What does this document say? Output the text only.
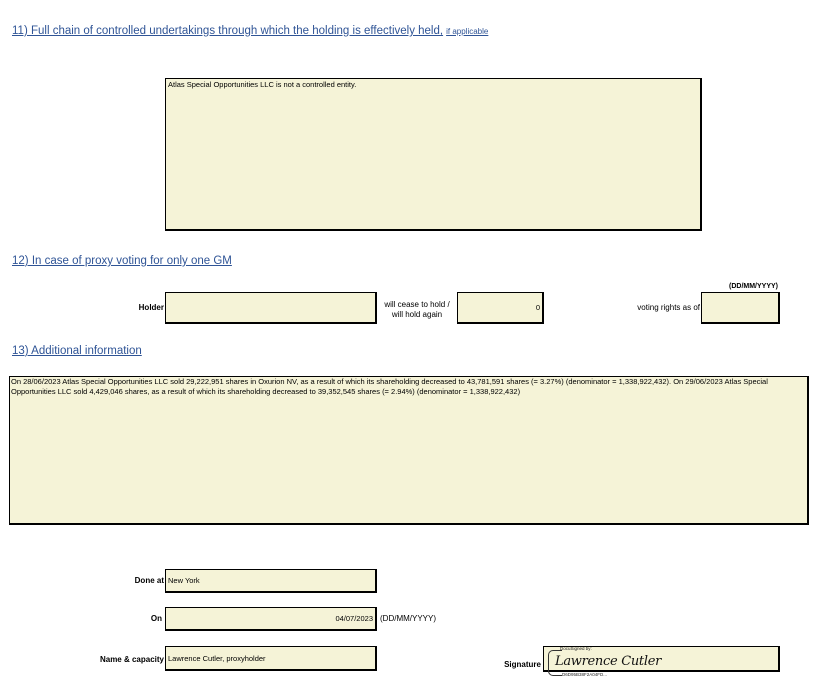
11) Full chain of controlled undertakings through which the holding is effectively held, if applicable
Atlas Special Opportunities LLC is not a controlled entity.
12) In case of proxy voting for only one GM
Holder	will cease to hold /
will hold again
0
(DD/MM/YYYY)
voting rights as of
13) Additional information
On 28/06/2023 Atlas Special Opportunities LLC sold 29,222,951 shares in Oxurion NV, as a result of which its shareholding decreased to 43,781,591 shares (= 3.27%) (denominator = 1,338,922,432). On 29/06/2023 Atlas Special Opportunities LLC sold 4,429,046 shares, as a result of which its shareholding decreased to 39,352,545 shares (= 2.94%) (denominator = 1,338,922,432)
Done at New York
On	04/07/2023 (DD/MM/YYYY)
Name & capacity Lawrence Cutler, proxyholder
Signature
DocuSigned by:
Lawrence Cutler
D6D95B38F2A04FD...
